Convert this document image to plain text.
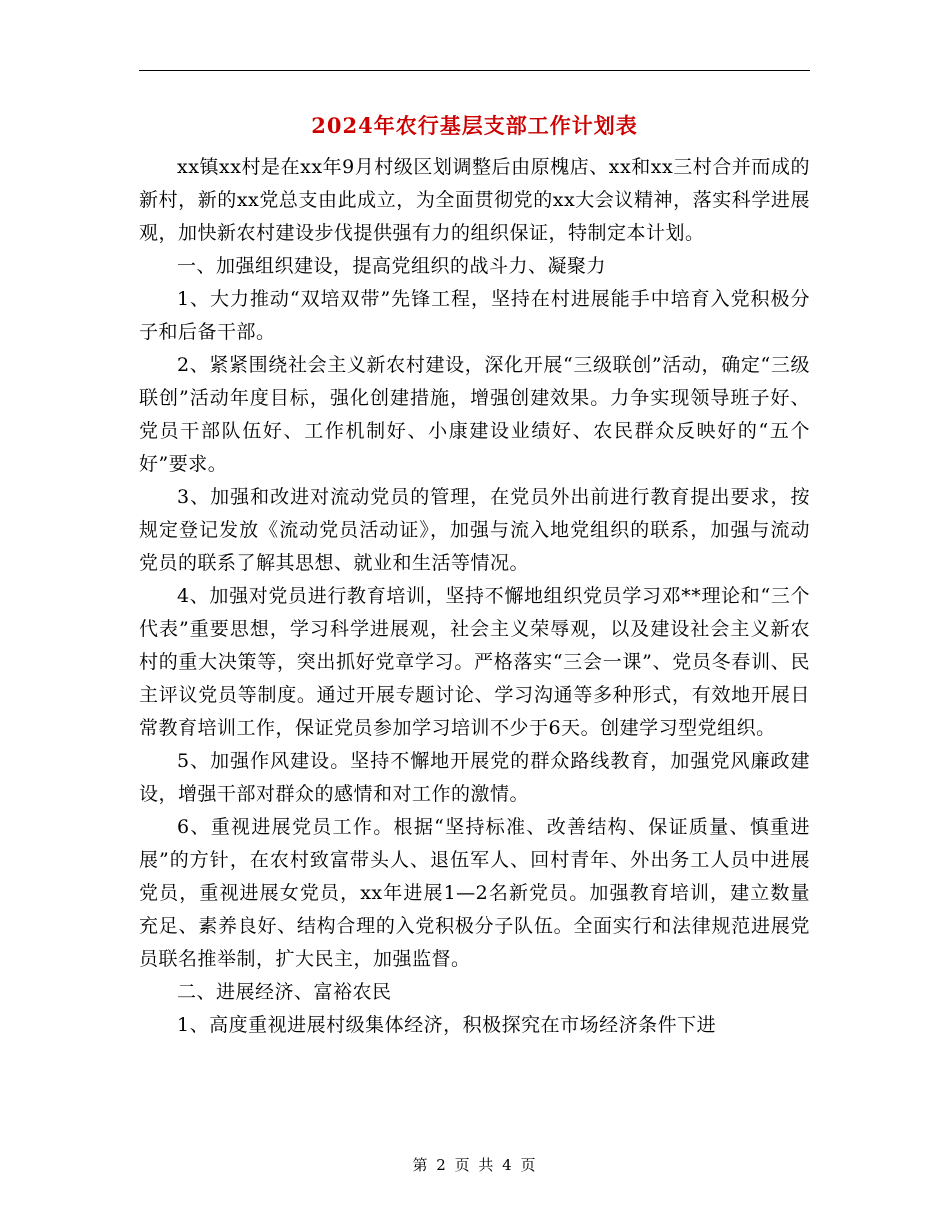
2024年农行基层支部工作计划表

xx镇xx村是在xx年9月村级区划调整后由原槐店、xx和xx三村合并而成的新村，新的xx党总支由此成立，为全面贯彻党的xx大会议精神，落实科学进展观，加快新农村建设步伐提供强有力的组织保证，特制定本计划。

一、加强组织建设，提高党组织的战斗力、凝聚力

1、大力推动“双培双带”先锋工程，坚持在村进展能手中培育入党积极分子和后备干部。

2、紧紧围绕社会主义新农村建设，深化开展“三级联创”活动，确定“三级联创”活动年度目标，强化创建措施，增强创建效果。力争实现领导班子好、党员干部队伍好、工作机制好、小康建设业绩好、农民群众反映好的“五个好”要求。

3、加强和改进对流动党员的管理，在党员外出前进行教育提出要求，按规定登记发放《流动党员活动证》，加强与流入地党组织的联系，加强与流动党员的联系了解其思想、就业和生活等情况。

4、加强对党员进行教育培训，坚持不懈地组织党员学习邓**理论和“三个代表”重要思想，学习科学进展观，社会主义荣辱观，以及建设社会主义新农村的重大决策等，突出抓好党章学习。严格落实“三会一课”、党员冬春训、民主评议党员等制度。通过开展专题讨论、学习沟通等多种形式，有效地开展日常教育培训工作，保证党员参加学习培训不少于6天。创建学习型党组织。

5、加强作风建设。坚持不懈地开展党的群众路线教育，加强党风廉政建设，增强干部对群众的感情和对工作的激情。

6、重视进展党员工作。根据“坚持标准、改善结构、保证质量、慎重进展”的方针，在农村致富带头人、退伍军人、回村青年、外出务工人员中进展党员，重视进展女党员，xx年进展1—2名新党员。加强教育培训，建立数量充足、素养良好、结构合理的入党积极分子队伍。全面实行和法律规范进展党员联名推举制，扩大民主，加强监督。

二、进展经济、富裕农民

1、高度重视进展村级集体经济，积极探究在市场经济条件下进

第 2 页 共 4 页
